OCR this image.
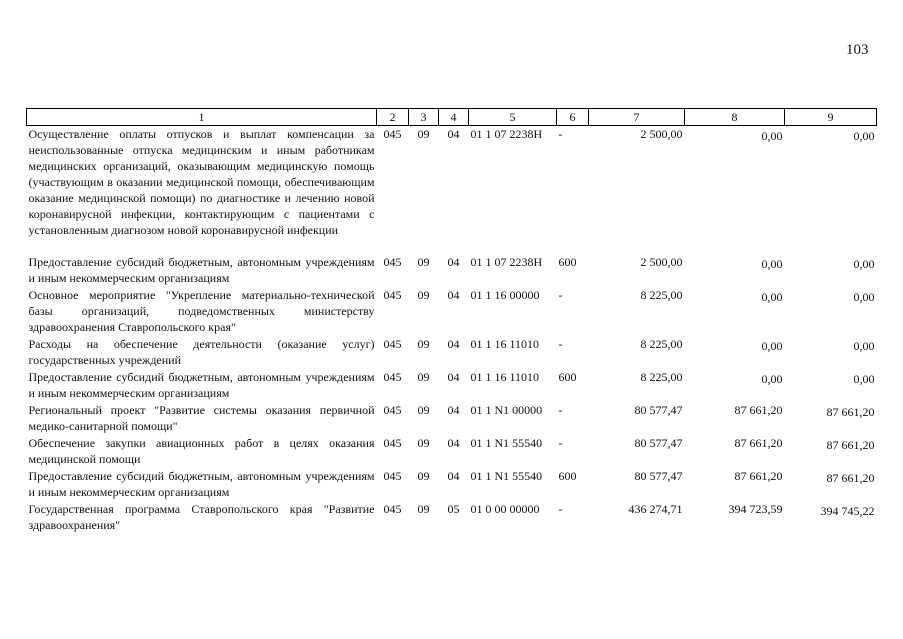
103
1	2	3	4	5	6	7	8	9
Осуществление оплаты отпусков и выплат компенсации за неиспользованные отпуска медицинским и иным работникам медицинских организаций, оказывающим медицинскую помощь (участвующим в оказании медицинской помощи, обеспечивающим оказание медицинской помощи) по диагностике и лечению новой коронавирусной инфекции, контактирующим с пациентами с установленным диагнозом новой коронавирусной инфекции	045	09	04	01 1 07 2238Н	-	2 500,00	0,00	0,00
Предоставление субсидий бюджетным, автономным учреждениям и иным некоммерческим организациям	045	09	04	01 1 07 2238Н	600	2 500,00	0,00	0,00
Основное мероприятие "Укрепление материально-технической базы организаций, подведомственных министерству здравоохранения Ставропольского края"	045	09	04	01 1 16 00000	-	8 225,00	0,00	0,00
Расходы на обеспечение деятельности (оказание услуг) государственных учреждений	045	09	04	01 1 16 11010	-	8 225,00	0,00	0,00
Предоставление субсидий бюджетным, автономным учреждениям и иным некоммерческим организациям	045	09	04	01 1 16 11010	600	8 225,00	0,00	0,00
Региональный проект "Развитие системы оказания первичной медико-санитарной помощи"	045	09	04	01 1 N1 00000	-	80 577,47	87 661,20	87 661,20
Обеспечение закупки авиационных работ в целях оказания медицинской помощи	045	09	04	01 1 N1 55540	-	80 577,47	87 661,20	87 661,20
Предоставление субсидий бюджетным, автономным учреждениям и иным некоммерческим организациям	045	09	04	01 1 N1 55540	600	80 577,47	87 661,20	87 661,20
Государственная программа Ставропольского края "Развитие здравоохранения"	045	09	05	01 0 00 00000	-	436 274,71	394 723,59	394 745,22
